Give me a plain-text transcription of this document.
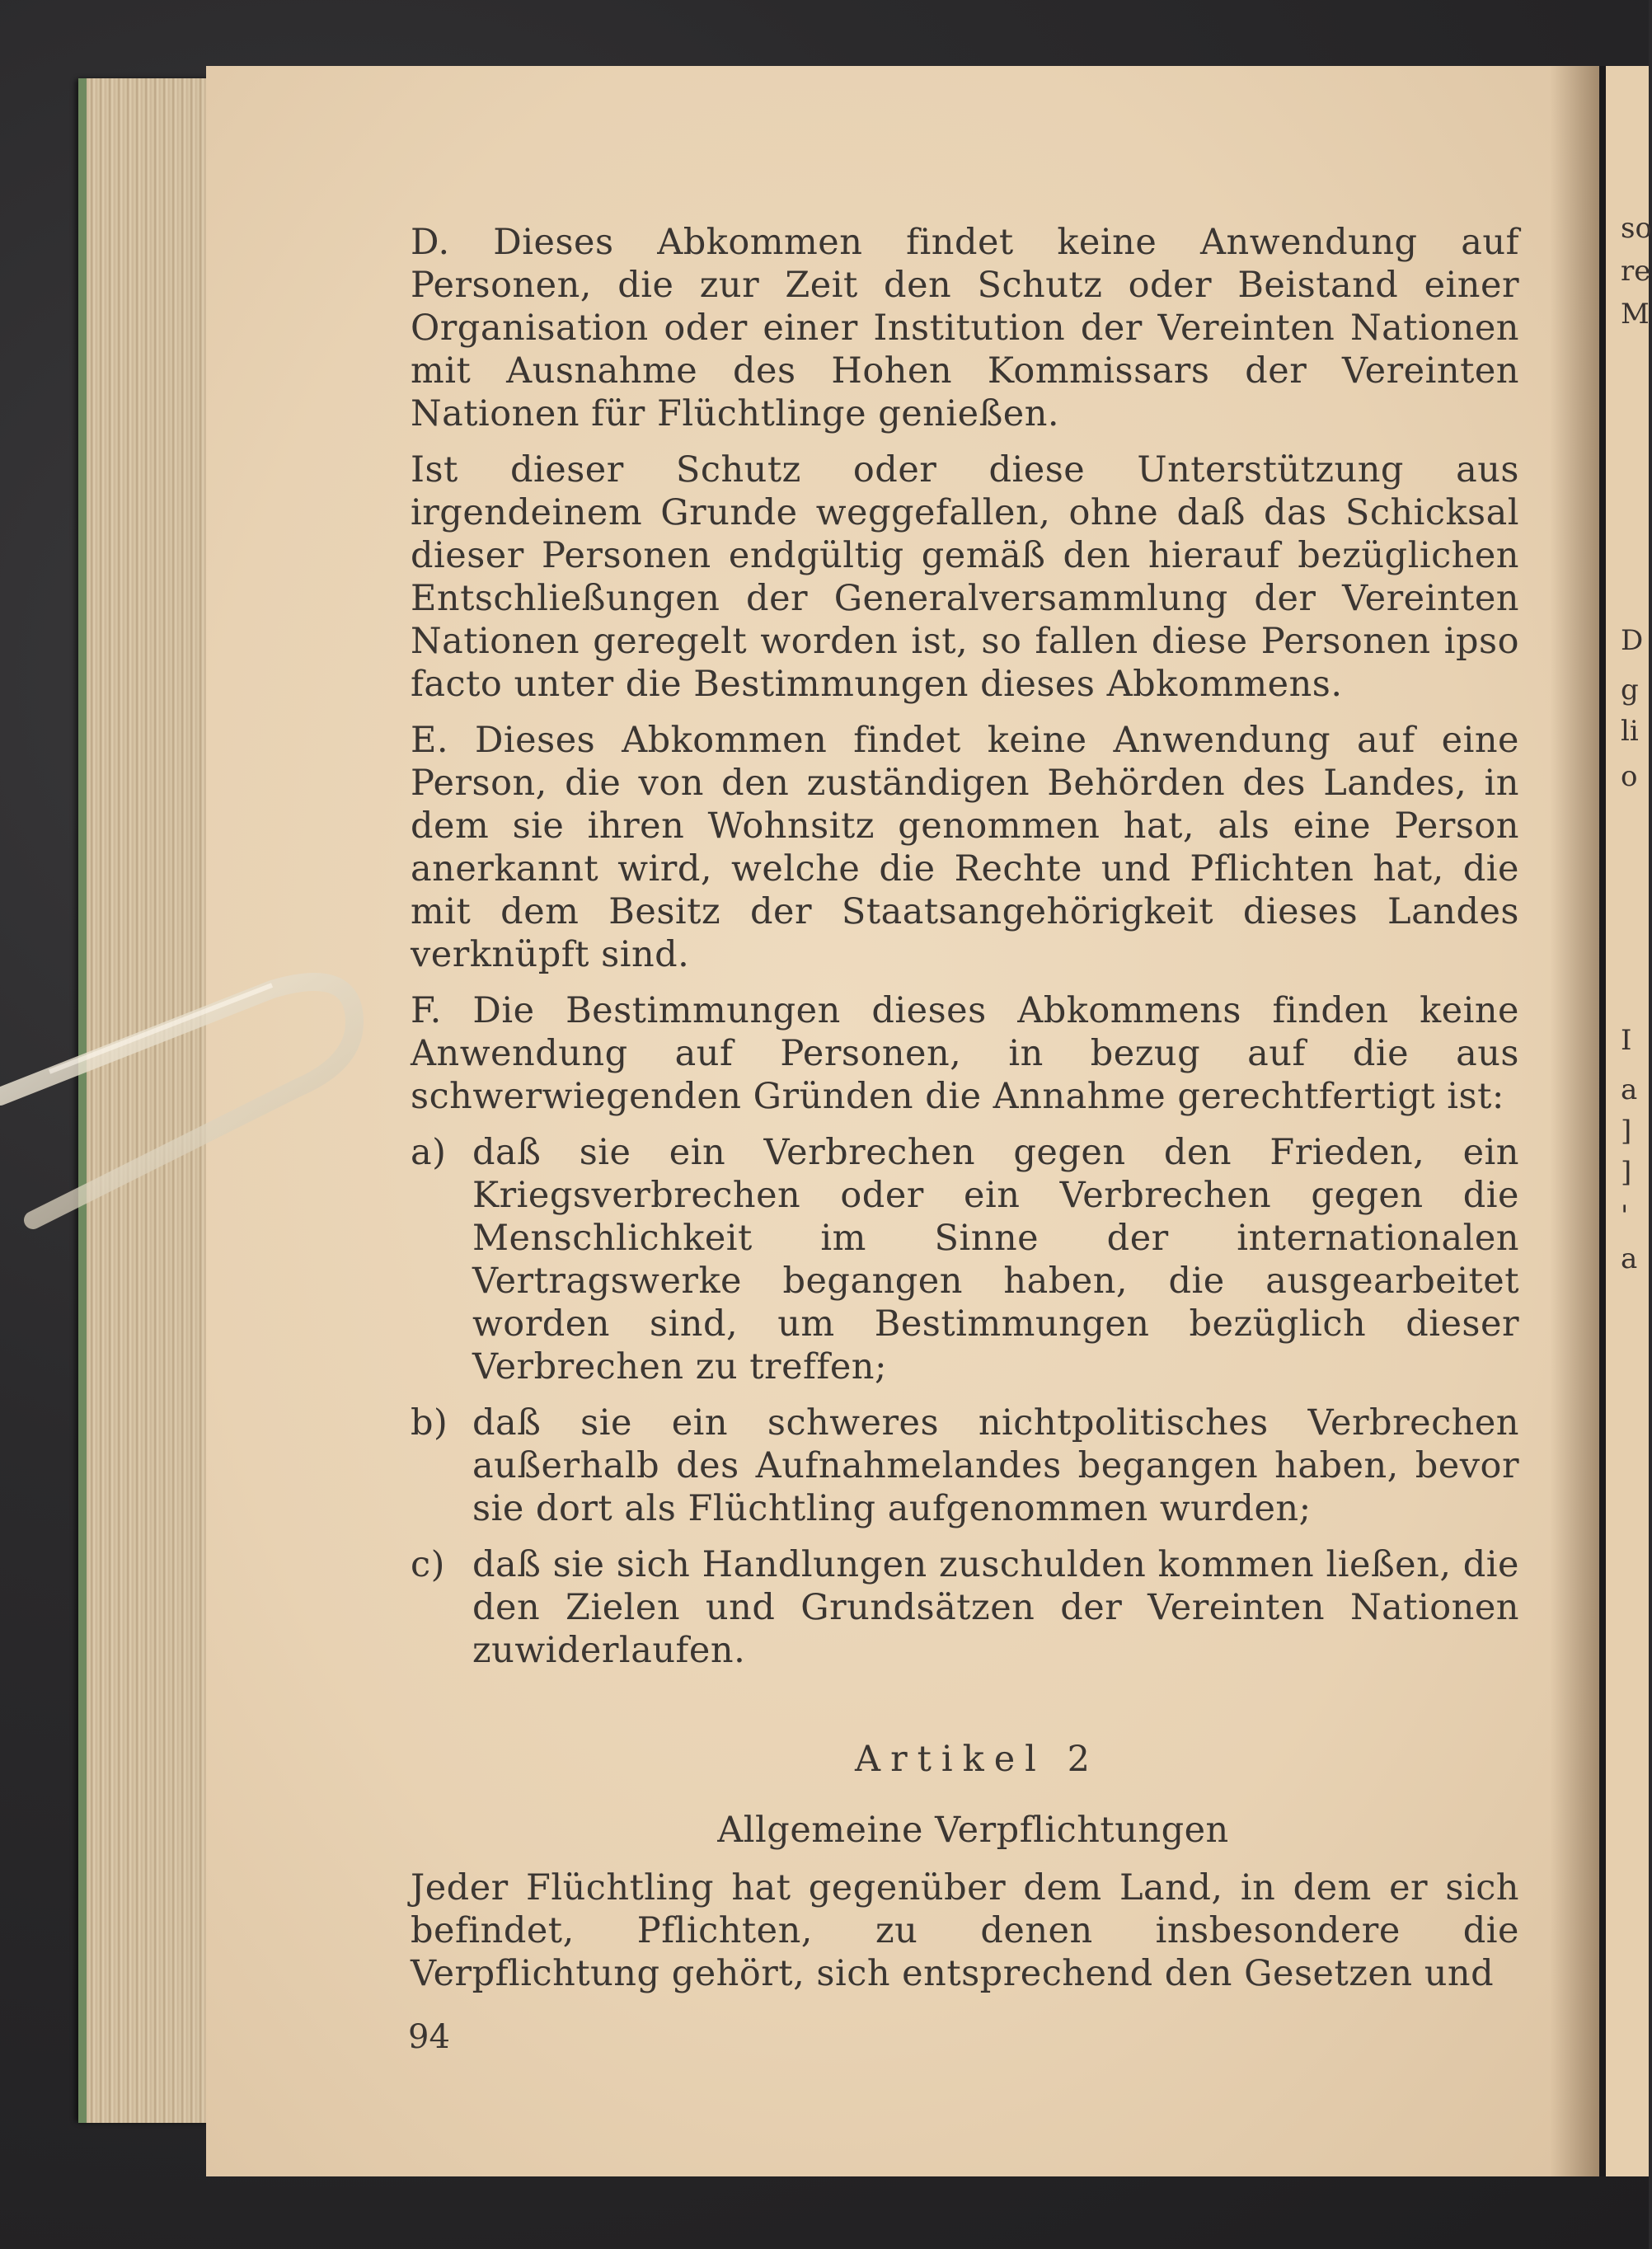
so
re
M
D
g
li
o
I
a
]
]
'
a

D. Dieses Abkommen findet keine Anwendung auf Personen, die zur Zeit den Schutz oder Beistand einer Organisation oder einer Institution der Vereinten Nationen mit Ausnahme des Hohen Kommissars der Vereinten Nationen für Flüchtlinge genießen.

Ist dieser Schutz oder diese Unterstützung aus irgendeinem Grunde weggefallen, ohne daß das Schicksal dieser Personen endgültig gemäß den hierauf bezüglichen Entschließungen der Generalversammlung der Vereinten Nationen geregelt worden ist, so fallen diese Personen ipso facto unter die Bestimmungen dieses Abkommens.

E. Dieses Abkommen findet keine Anwendung auf eine Person, die von den zuständigen Behörden des Landes, in dem sie ihren Wohnsitz genommen hat, als eine Person anerkannt wird, welche die Rechte und Pflichten hat, die mit dem Besitz der Staatsangehörigkeit dieses Landes verknüpft sind.

F. Die Bestimmungen dieses Abkommens finden keine Anwendung auf Personen, in bezug auf die aus schwerwiegenden Gründen die Annahme gerechtfertigt ist:

a) daß sie ein Verbrechen gegen den Frieden, ein Kriegsverbrechen oder ein Verbrechen gegen die Menschlichkeit im Sinne der internationalen Vertragswerke begangen haben, die ausgearbeitet worden sind, um Bestimmungen bezüglich dieser Verbrechen zu treffen;
b) daß sie ein schweres nichtpolitisches Verbrechen außerhalb des Aufnahmelandes begangen haben, bevor sie dort als Flüchtling aufgenommen wurden;
c) daß sie sich Handlungen zuschulden kommen ließen, die den Zielen und Grundsätzen der Vereinten Nationen zuwiderlaufen.
Artikel 2
Allgemeine Verpflichtungen

Jeder Flüchtling hat gegenüber dem Land, in dem er sich befindet, Pflichten, zu denen insbesondere die Verpflichtung gehört, sich entsprechend den Gesetzen und

94
